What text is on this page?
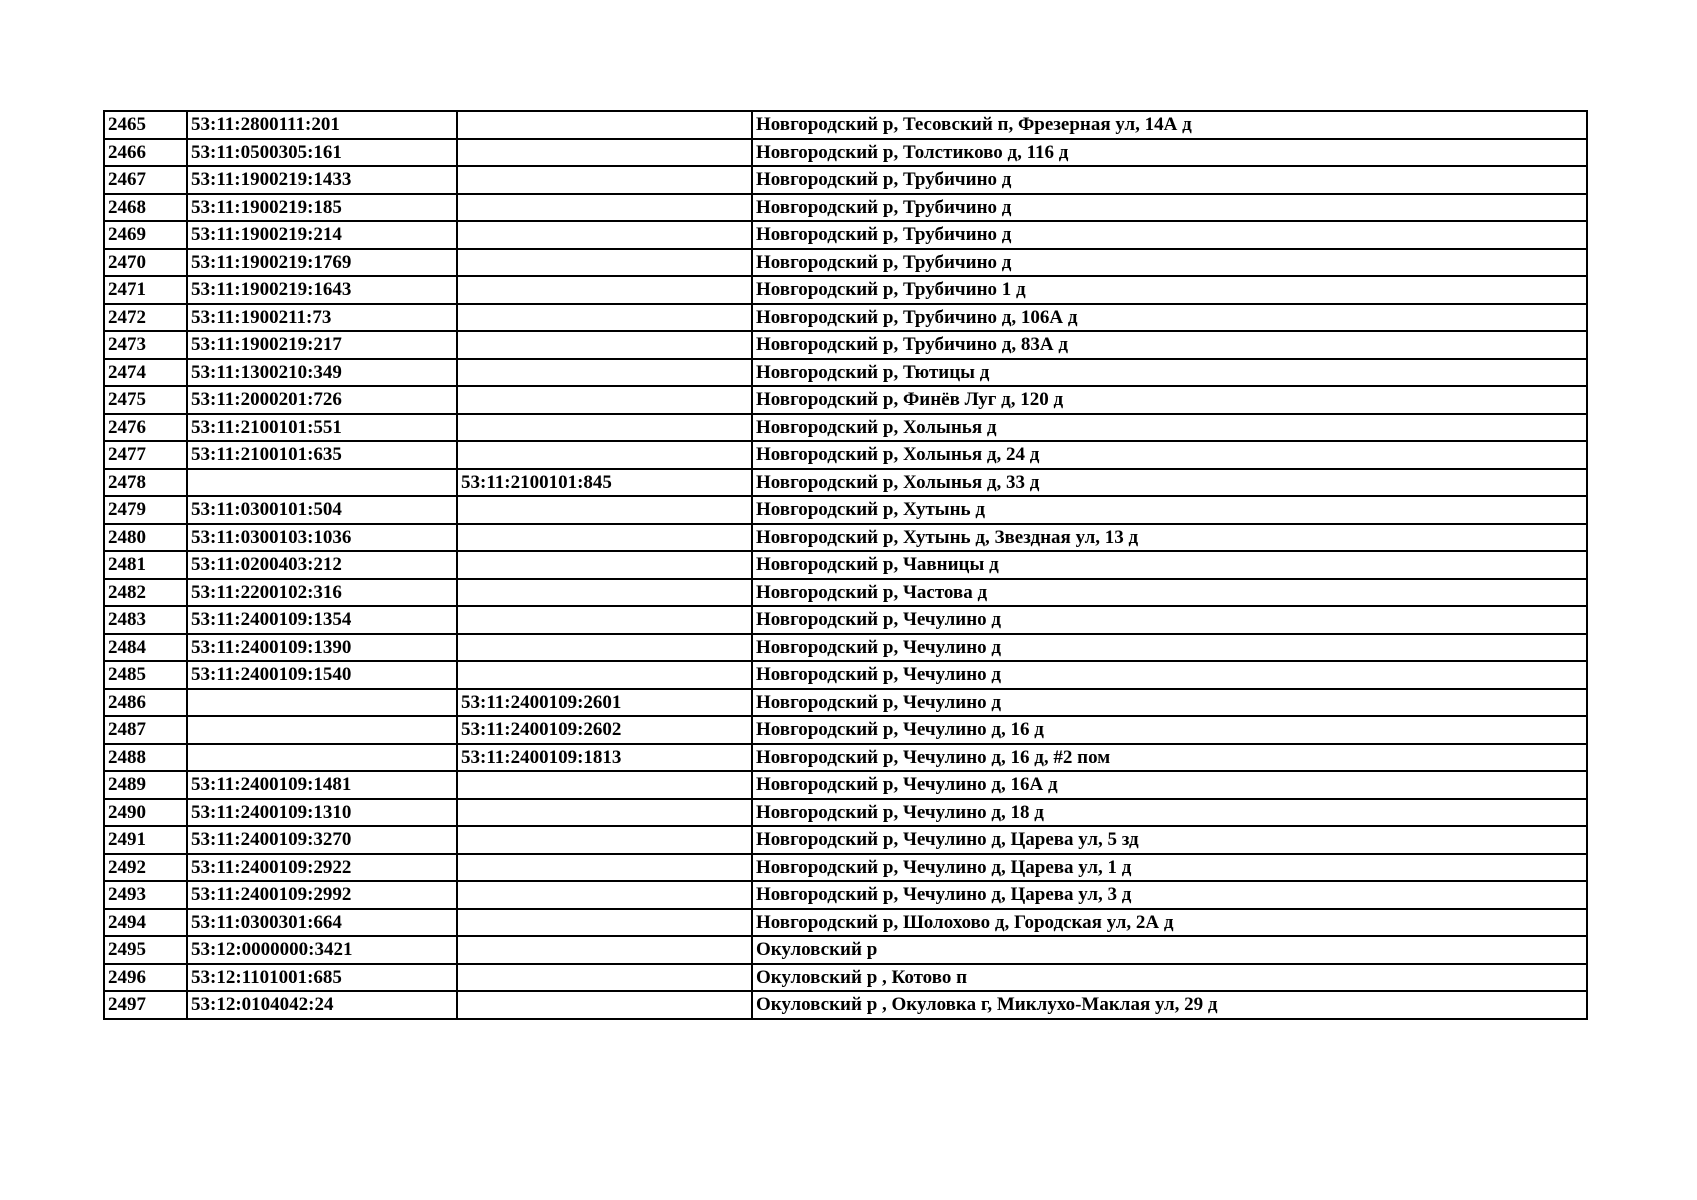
2465	53:11:2800111:201		Новгородский р, Тесовский п, Фрезерная ул, 14А д
2466	53:11:0500305:161		Новгородский р, Толстиково д, 116 д
2467	53:11:1900219:1433		Новгородский р, Трубичино д
2468	53:11:1900219:185		Новгородский р, Трубичино д
2469	53:11:1900219:214		Новгородский р, Трубичино д
2470	53:11:1900219:1769		Новгородский р, Трубичино д
2471	53:11:1900219:1643		Новгородский р, Трубичино 1 д
2472	53:11:1900211:73		Новгородский р, Трубичино д, 106А д
2473	53:11:1900219:217		Новгородский р, Трубичино д, 83А д
2474	53:11:1300210:349		Новгородский р, Тютицы д
2475	53:11:2000201:726		Новгородский р, Финёв Луг д, 120 д
2476	53:11:2100101:551		Новгородский р, Холынья д
2477	53:11:2100101:635		Новгородский р, Холынья д, 24 д
2478		53:11:2100101:845	Новгородский р, Холынья д, 33 д
2479	53:11:0300101:504		Новгородский р, Хутынь д
2480	53:11:0300103:1036		Новгородский р, Хутынь д, Звездная ул, 13 д
2481	53:11:0200403:212		Новгородский р, Чавницы д
2482	53:11:2200102:316		Новгородский р, Частова д
2483	53:11:2400109:1354		Новгородский р, Чечулино д
2484	53:11:2400109:1390		Новгородский р, Чечулино д
2485	53:11:2400109:1540		Новгородский р, Чечулино д
2486		53:11:2400109:2601	Новгородский р, Чечулино д
2487		53:11:2400109:2602	Новгородский р, Чечулино д, 16 д
2488		53:11:2400109:1813	Новгородский р, Чечулино д, 16 д, #2 пом
2489	53:11:2400109:1481		Новгородский р, Чечулино д, 16А д
2490	53:11:2400109:1310		Новгородский р, Чечулино д, 18 д
2491	53:11:2400109:3270		Новгородский р, Чечулино д, Царева ул, 5 зд
2492	53:11:2400109:2922		Новгородский р, Чечулино д, Царева ул, 1 д
2493	53:11:2400109:2992		Новгородский р, Чечулино д, Царева ул, 3 д
2494	53:11:0300301:664		Новгородский р, Шолохово д, Городская ул, 2А д
2495	53:12:0000000:3421		Окуловский р
2496	53:12:1101001:685		Окуловский р , Котово п
2497	53:12:0104042:24		Окуловский р , Окуловка г, Миклухо-Маклая ул, 29 д
